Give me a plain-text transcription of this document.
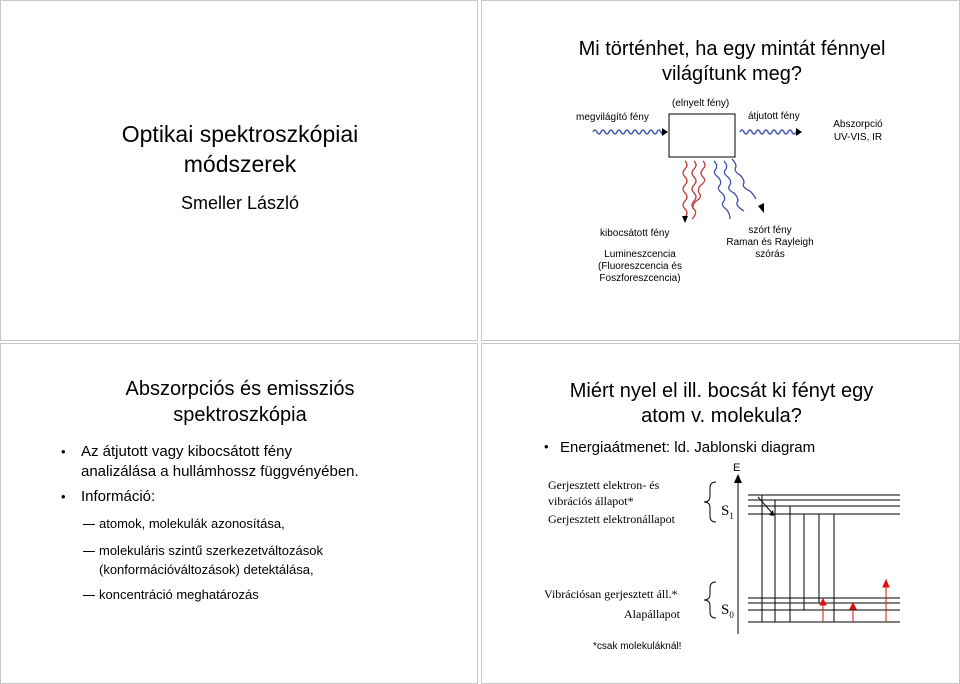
Optikai spektroszkópiai
módszerek
Smeller László
Mi történhet, ha egy mintát fénnyel
világítunk meg?
megvilágító fény
(elnyelt fény)
átjutott fény
Abszorpció
UV-VIS, IR
kibocsátott fény
Lumineszcencia
(Fluoreszcencia és
Foszforeszcencia)
szórt fény
Raman és Rayleigh
szórás
Abszorpciós és emissziós
spektroszkópia
• Az átjutott vagy kibocsátott fény
analizálása a hullámhossz függvényében.
•	Információ:
atomok, molekulák azonosítása,
molekuláris szintű szerkezetváltozások
(konformációváltozások) detektálása,
koncentráció meghatározás
Miért nyel el ill. bocsát ki fényt egy
atom v. molekula?
• Energiaátmenet: ld. Jablonski diagram
E
Gerjesztett elektron- és
vibrációs állapot*
Gerjesztett elektronállapot	$S_1$
Vibrációsan gerjesztett áll.*
Alapállapot	$S_0$
*csak molekuláknál!
